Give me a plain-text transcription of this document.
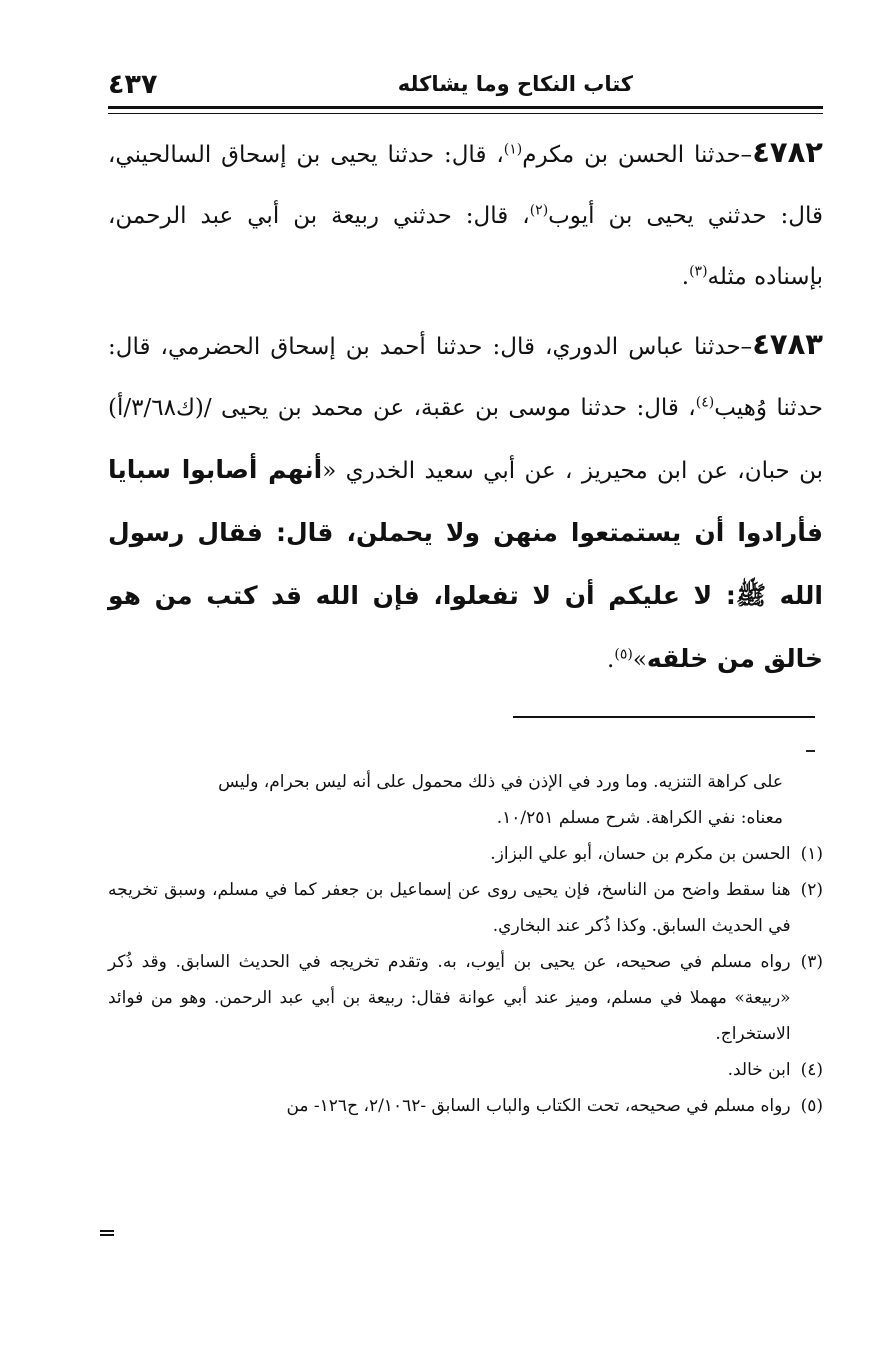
كتاب النكاح وما يشاكله
٤٣٧

٤٧٨٢–حدثنا الحسن بن مكرم$^{(١)}$، قال: حدثنا يحيى بن إسحاق السالحيني، قال: حدثني يحيى بن أيوب$^{(٢)}$، قال: حدثني ربيعة بن أبي عبد الرحمن، بإسناده مثله$^{(٣)}$.

٤٧٨٣–حدثنا عباس الدوري، قال: حدثنا أحمد بن إسحاق الحضرمي، قال: حدثنا وُهيب$^{(٤)}$، قال: حدثنا موسى بن عقبة، عن محمد بن يحيى /(ك٣/٦٨/أ) بن حبان، عن ابن محيريز ، عن أبي سعيد الخدري «أنهم أصابوا سبايا فأرادوا أن يستمتعوا منهن ولا يحملن، قال: فقال رسول الله ﷺ: لا عليكم أن لا تفعلوا، فإن الله قد كتب من هو خالق من خلقه»$^{(٥)}$.

على كراهة التنزيه. وما ورد في الإذن في ذلك محمول على أنه ليس بحرام، وليس
معناه: نفي الكراهة. شرح مسلم ١٠/٢٥١.
(١)
الحسن بن مكرم بن حسان، أبو علي البزاز.
(٢)
هنا سقط واضح من الناسخ، فإن يحيى روى عن إسماعيل بن جعفر كما في مسلم، وسبق تخريجه في الحديث السابق. وكذا ذُكر عند البخاري.
(٣)
رواه مسلم في صحيحه، عن يحيى بن أيوب، به. وتقدم تخريجه في الحديث السابق. وقد ذُكر «ربيعة» مهملا في مسلم، وميز عند أبي عوانة فقال: ربيعة بن أبي عبد الرحمن. وهو من فوائد الاستخراج.
(٤)
ابن خالد.
(٥)
رواه مسلم في صحيحه، تحت الكتاب والباب السابق -٢/١٠٦٢، ح١٢٦- من
